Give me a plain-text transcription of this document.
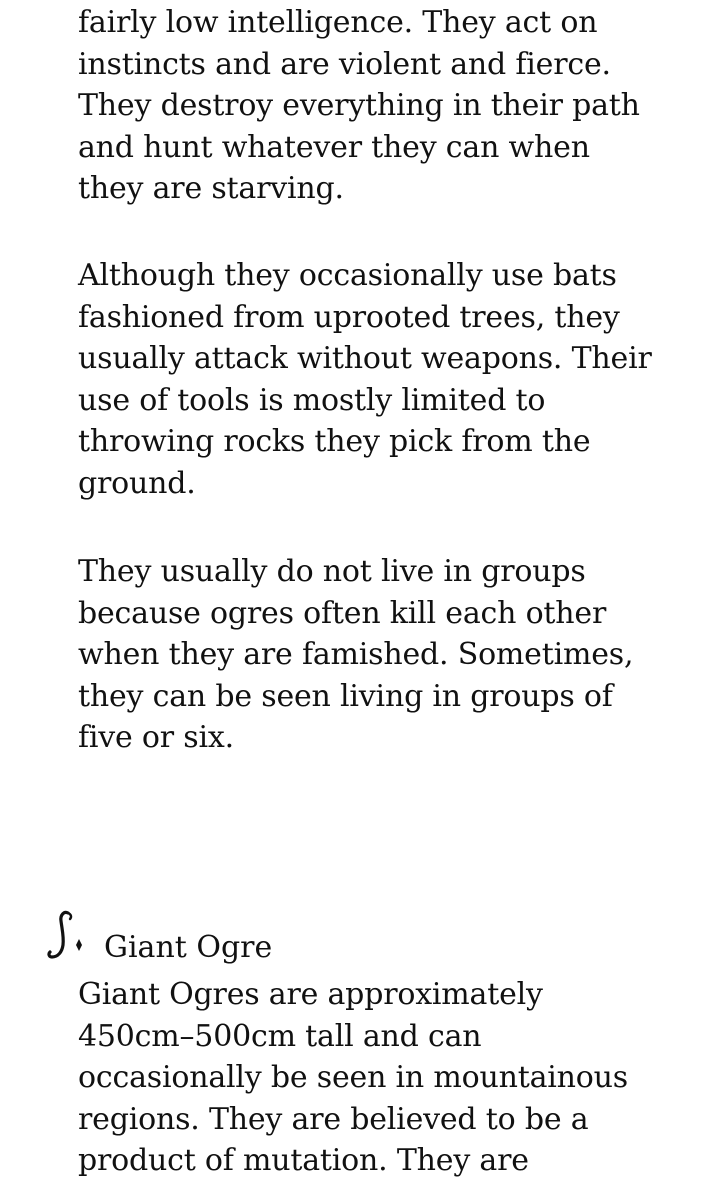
fairly low intelligence. They act on
instincts and are violent and fierce.
They destroy everything in their path
and hunt whatever they can when
they are starving.

Although they occasionally use bats
fashioned from uprooted trees, they
usually attack without weapons. Their
use of tools is mostly limited to
throwing rocks they pick from the
ground.

They usually do not live in groups
because ogres often kill each other
when they are famished. Sometimes,
they can be seen living in groups of
five or six.

Giant Ogre

Giant Ogres are approximately
450cm–500cm tall and can
occasionally be seen in mountainous
regions. They are believed to be a
product of mutation. They are
